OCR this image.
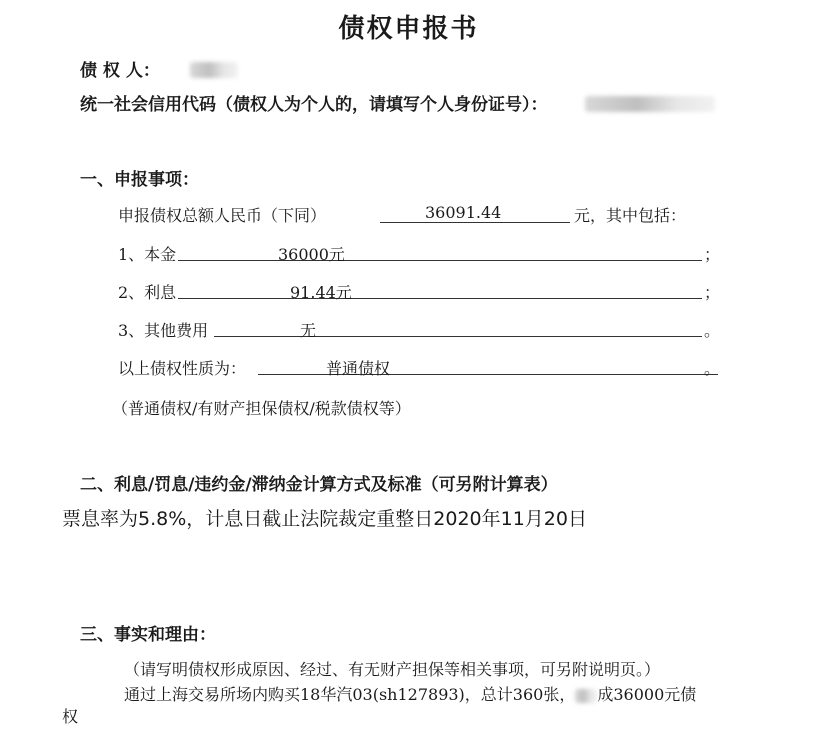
债权申报书
债 权 人：
统一社会信用代码（债权人为个人的，请填写个人身份证号）：
一、申报事项：
申报债权总额人民币（下同）	36091.44	元，其中包括：
1、本金	36000元	；
2、利息	91.44元	；
3、其他费用	无	。
以上债权性质为：	普通债权	。
（普通债权/有财产担保债权/税款债权等）
二、利息/罚息/违约金/滞纳金计算方式及标准（可另附计算表）
票息率为5.8%，计息日截止法院裁定重整日2020年11月20日
三、事实和理由：
（请写明债权形成原因、经过、有无财产担保等相关事项，可另附说明页。）
通过上海交易所场内购买18华汽03(sh127893)，总计360张， 成36000元债
权
